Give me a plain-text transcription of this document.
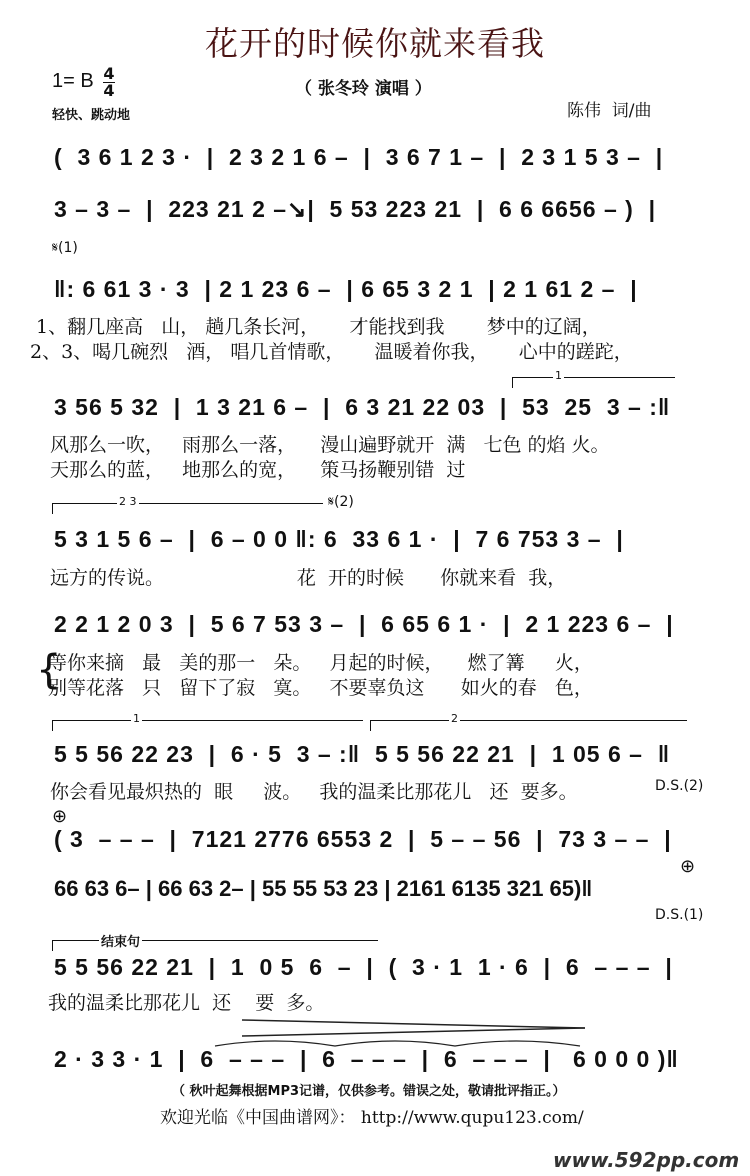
花开的时候你就来看我
1= B 4
4	（ 张冬玲 演唱 ）
轻快、跳动地	陈伟  词/曲
(  3 6 1 2 3 ·  |  2 3 2 1 6 –  |  3 6 7 1 –  |  2 3 1 5 3 –  |
3 – 3 –  |  223 21 2 –↘|  5 53 223 21  |  6 6 6656 – )  |
𝄋(1)
‖: 6 61 3 · 3  | 2 1 23 6 –  | 6 65 3 2 1  | 2 1 61 2 –  |
1、翻几座高   山， 趟几条长河，     才能找到我       梦中的辽阔，
2、3、喝几碗烈   酒， 唱几首情歌，     温暖着你我，     心中的蹉跎，
1
3 56 5 32  |  1 3 21 6 –  |  6 3 21 22 03  |  53  25  3 – :‖
风那么一吹，   雨那么一落，    漫山遍野就开  满   七色 的焰 火。
天那么的蓝，   地那么的宽，    策马扬鞭别错  过
2 3	𝄋(2)
5 3 1 5 6 –  |  6 – 0 0 ‖: 6  33 6 1 ·  |  7 6 753 3 –  |
远方的传说。                      花  开的时候      你就来看  我，
2 2 1 2 0 3  |  5 6 7 53 3 –  |  6 65 6 1 ·  |  2 1 223 6 –  |
等你来摘   最   美的那一   朵。   月起的时候，    燃了篝     火，
别等花落   只   留下了寂   寞。   不要辜负这      如火的春   色，
{
1	2
5 5 56 22 23  |  6 · 5  3 – :‖  5 5 56 22 21  |  1 05 6 –  ‖
你会看见最炽热的  眼     波。   我的温柔比那花儿   还  要多。	D.S.(2)
⊕
( 3  – – –  |  7121 2776 6553 2  |  5 – – 56  |  73 3 – –  |
⊕
66 63 6– | 66 63 2– | 55 55 53 23 | 2161 6135 321 65)‖
D.S.(1)
结束句
5 5 56 22 21  |  1  0 5  6  –  |  (  3 · 1  1 · 6  |  6  – – –  |
我的温柔比那花儿  还    要  多。
2 · 3 3 · 1  |  6  – – –  |  6  – – –  |  6  – – –  |   6 0 0 0 )‖
（ 秋叶起舞根据MP3记谱，仅供参考。错误之处，敬请批评指正。）
欢迎光临《中国曲谱网》： http://www.qupu123.com/
www.592pp.com
